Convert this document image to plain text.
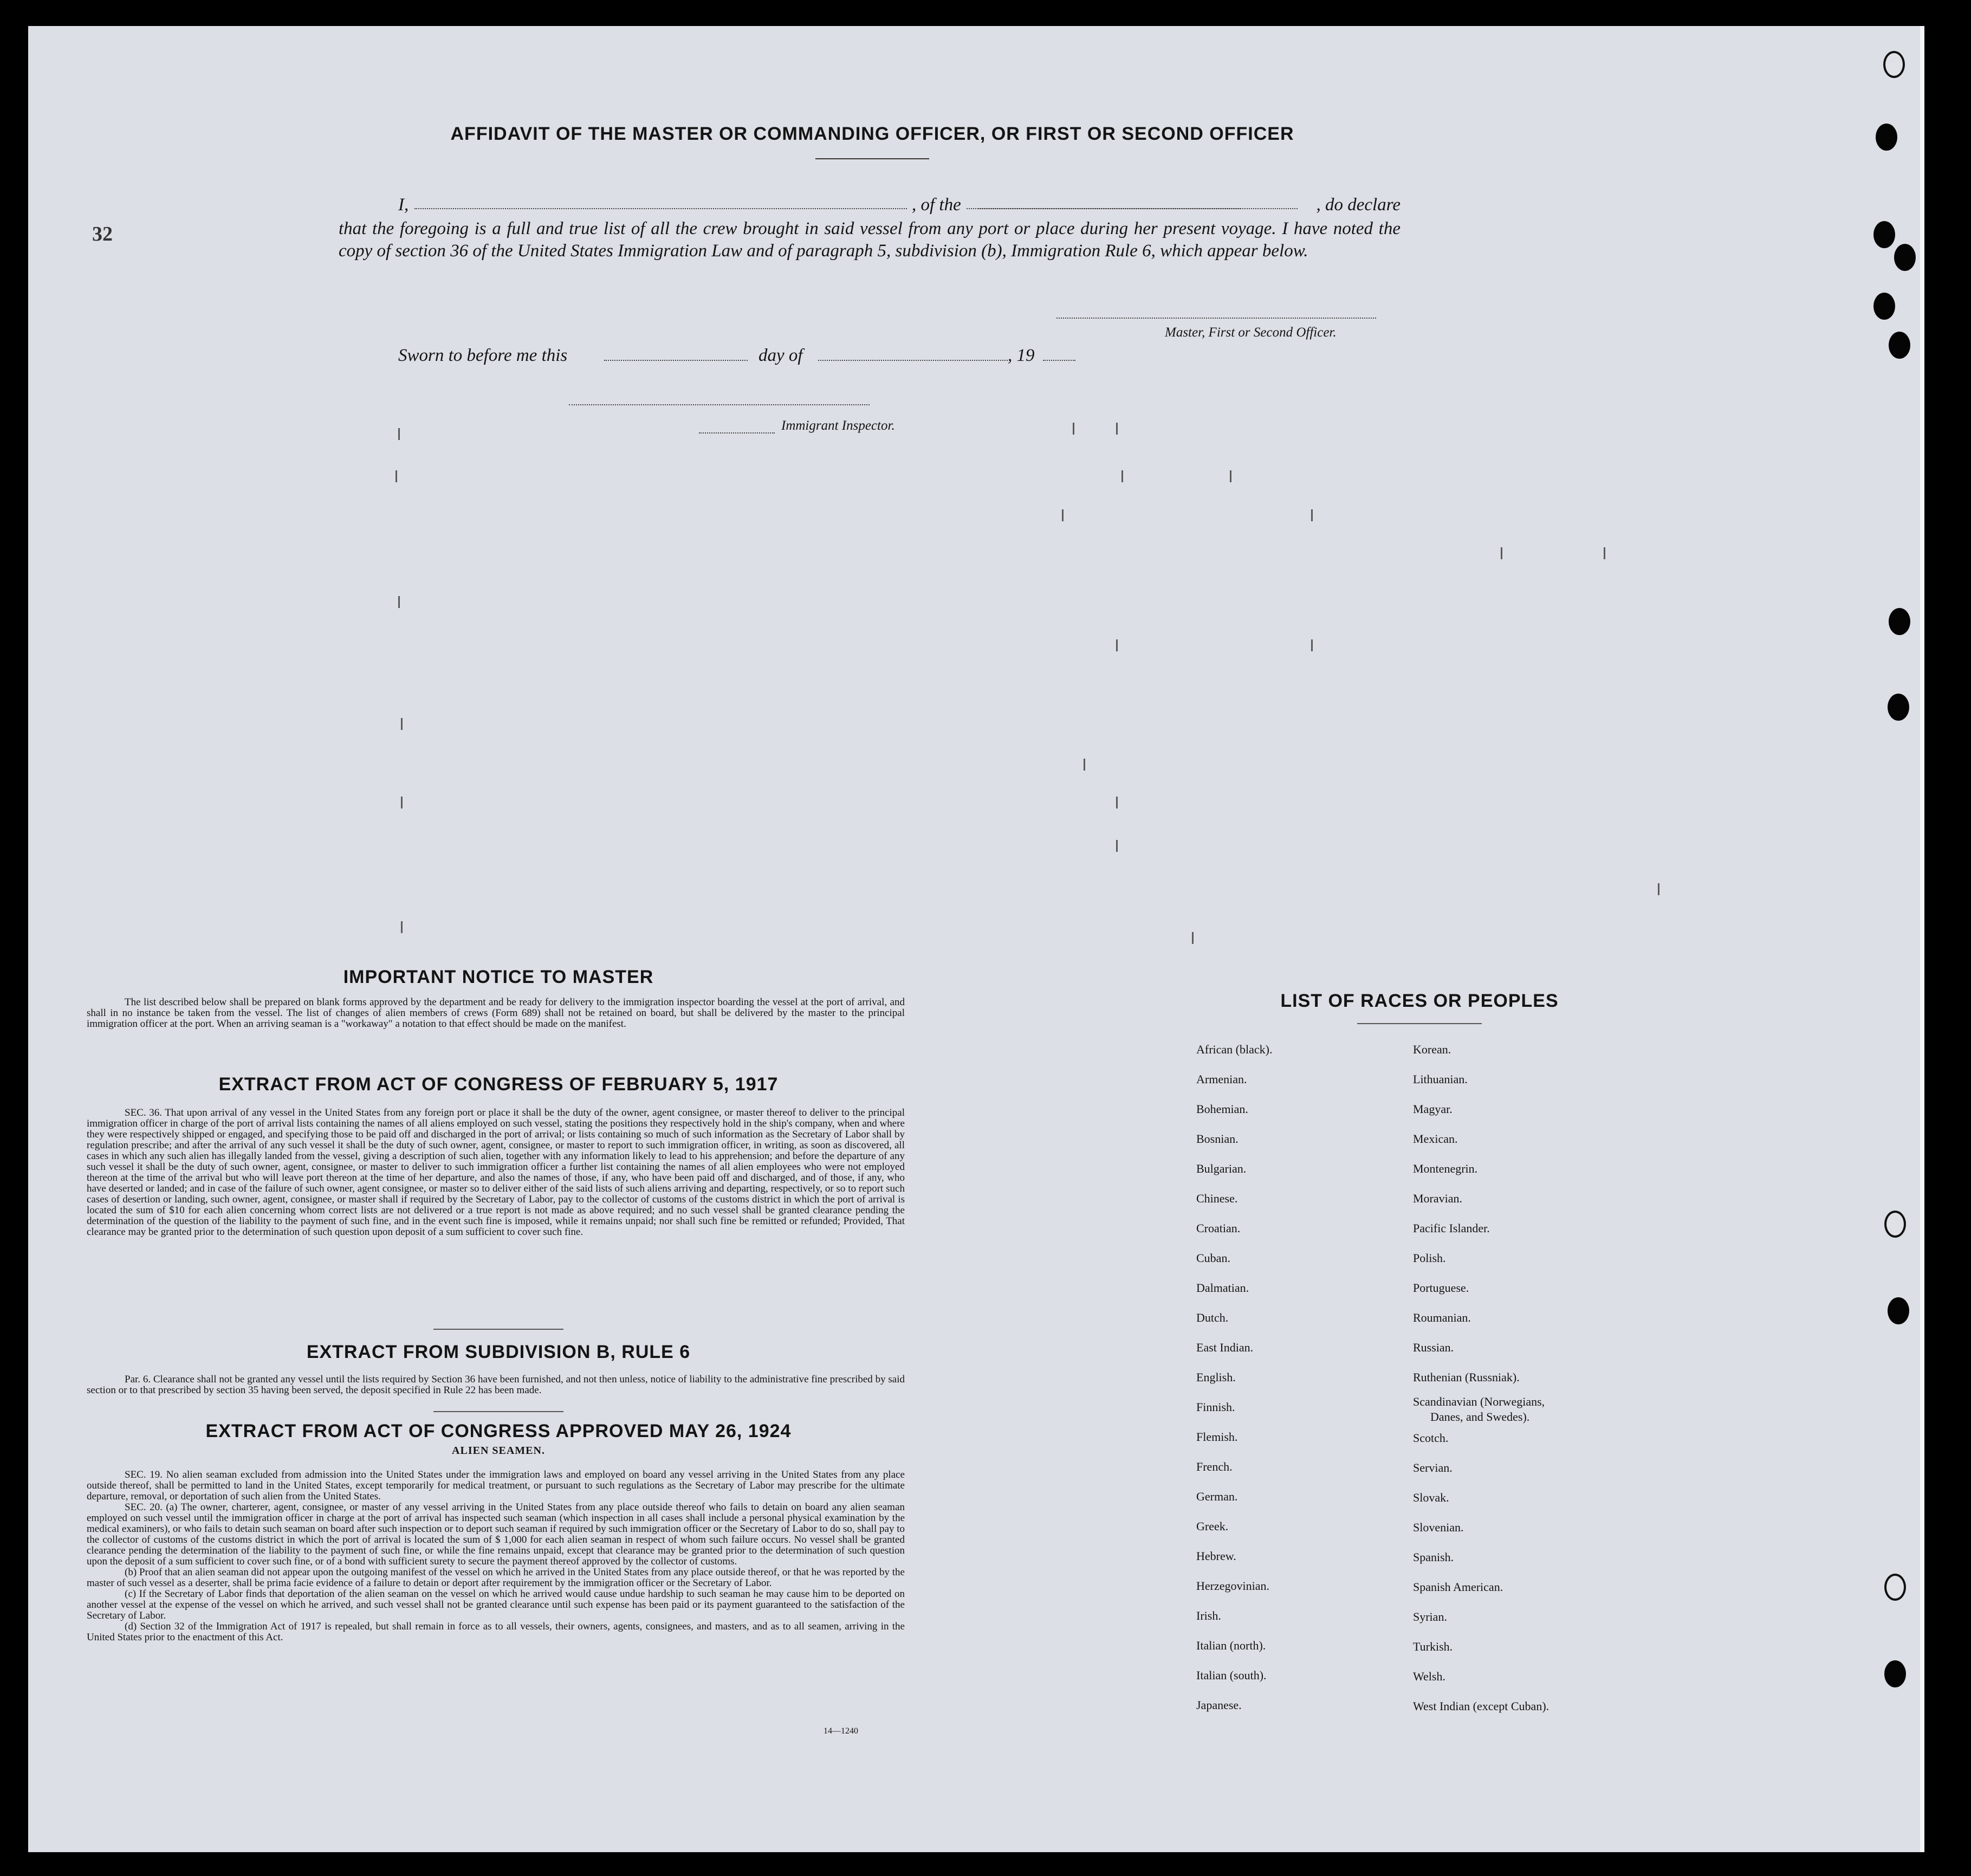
32
AFFIDAVIT OF THE MASTER OR COMMANDING OFFICER, OR FIRST OR SECOND OFFICER
I,	, of the	, do declare
that the foregoing is a full and true list of all the crew brought in said vessel from any port or place during her present voyage. I have noted the copy of section 36 of the United States Immigration Law and of paragraph 5, subdivision (b), Immigration Rule 6, which appear below.
Master, First or Second Officer.
Sworn to before me this	day of	, 19
Immigrant Inspector.
IMPORTANT NOTICE TO MASTER

The list described below shall be prepared on blank forms approved by the department and be ready for delivery to the immigration inspector boarding the vessel at the port of arrival, and shall in no instance be taken from the vessel. The list of changes of alien members of crews (Form 689) shall not be retained on board, but shall be delivered by the master to the principal immigration officer at the port. When an arriving seaman is a "workaway" a notation to that effect should be made on the manifest.

EXTRACT FROM ACT OF CONGRESS OF FEBRUARY 5, 1917

SEC. 36. That upon arrival of any vessel in the United States from any foreign port or place it shall be the duty of the owner, agent consignee, or master thereof to deliver to the principal immigration officer in charge of the port of arrival lists containing the names of all aliens employed on such vessel, stating the positions they respectively hold in the ship's company, when and where they were respectively shipped or engaged, and specifying those to be paid off and discharged in the port of arrival; or lists containing so much of such information as the Secretary of Labor shall by regulation prescribe; and after the arrival of any such vessel it shall be the duty of such owner, agent, consignee, or master to report to such immigration officer, in writing, as soon as discovered, all cases in which any such alien has illegally landed from the vessel, giving a description of such alien, together with any information likely to lead to his apprehension; and before the departure of any such vessel it shall be the duty of such owner, agent, consignee, or master to deliver to such immigration officer a further list containing the names of all alien employees who were not employed thereon at the time of the arrival but who will leave port thereon at the time of her departure, and also the names of those, if any, who have been paid off and discharged, and of those, if any, who have deserted or landed; and in case of the failure of such owner, agent consignee, or master so to deliver either of the said lists of such aliens arriving and departing, respectively, or so to report such cases of desertion or landing, such owner, agent, consignee, or master shall if required by the Secretary of Labor, pay to the collector of customs of the customs district in which the port of arrival is located the sum of $10 for each alien concerning whom correct lists are not delivered or a true report is not made as above required; and no such vessel shall be granted clearance pending the determination of the question of the liability to the payment of such fine, and in the event such fine is imposed, while it remains unpaid; nor shall such fine be remitted or refunded; Provided, That clearance may be granted prior to the determination of such question upon deposit of a sum sufficient to cover such fine.

EXTRACT FROM SUBDIVISION B, RULE 6

Par. 6. Clearance shall not be granted any vessel until the lists required by Section 36 have been furnished, and not then unless, notice of liability to the administrative fine prescribed by said section or to that prescribed by section 35 having been served, the deposit specified in Rule 22 has been made.

EXTRACT FROM ACT OF CONGRESS APPROVED MAY 26, 1924
ALIEN SEAMEN.

SEC. 19. No alien seaman excluded from admission into the United States under the immigration laws and employed on board any vessel arriving in the United States from any place outside thereof, shall be permitted to land in the United States, except temporarily for medical treatment, or pursuant to such regulations as the Secretary of Labor may prescribe for the ultimate departure, removal, or deportation of such alien from the United States.

SEC. 20. (a) The owner, charterer, agent, consignee, or master of any vessel arriving in the United States from any place outside thereof who fails to detain on board any alien seaman employed on such vessel until the immigration officer in charge at the port of arrival has inspected such seaman (which inspection in all cases shall include a personal physical examination by the medical examiners), or who fails to detain such seaman on board after such inspection or to deport such seaman if required by such immigration officer or the Secretary of Labor to do so, shall pay to the collector of customs of the customs district in which the port of arrival is located the sum of $ 1,000 for each alien seaman in respect of whom such failure occurs. No vessel shall be granted clearance pending the determination of the liability to the payment of such fine, or while the fine remains unpaid, except that clearance may be granted prior to the determination of such question upon the deposit of a sum sufficient to cover such fine, or of a bond with sufficient surety to secure the payment thereof approved by the collector of customs.

(b) Proof that an alien seaman did not appear upon the outgoing manifest of the vessel on which he arrived in the United States from any place outside thereof, or that he was reported by the master of such vessel as a deserter, shall be prima facie evidence of a failure to detain or deport after requirement by the immigration officer or the Secretary of Labor.

(c) If the Secretary of Labor finds that deportation of the alien seaman on the vessel on which he arrived would cause undue hardship to such seaman he may cause him to be deported on another vessel at the expense of the vessel on which he arrived, and such vessel shall not be granted clearance until such expense has been paid or its payment guaranteed to the satisfaction of the Secretary of Labor.

(d) Section 32 of the Immigration Act of 1917 is repealed, but shall remain in force as to all vessels, their owners, agents, consignees, and masters, and as to all seamen, arriving in the United States prior to the enactment of this Act.

14—1240
LIST OF RACES OR PEOPLES
African (black).
Armenian.
Bohemian.
Bosnian.
Bulgarian.
Chinese.
Croatian.
Cuban.
Dalmatian.
Dutch.
East Indian.
English.
Finnish.
Flemish.
French.
German.
Greek.
Hebrew.
Herzegovinian.
Irish.
Italian (north).
Italian (south).
Japanese.
Korean.
Lithuanian.
Magyar.
Mexican.
Montenegrin.
Moravian.
Pacific Islander.
Polish.
Portuguese.
Roumanian.
Russian.
Ruthenian (Russniak).
Scandinavian (Norwegians,
Danes, and Swedes).
Scotch.
Servian.
Slovak.
Slovenian.
Spanish.
Spanish American.
Syrian.
Turkish.
Welsh.
West Indian (except Cuban).
